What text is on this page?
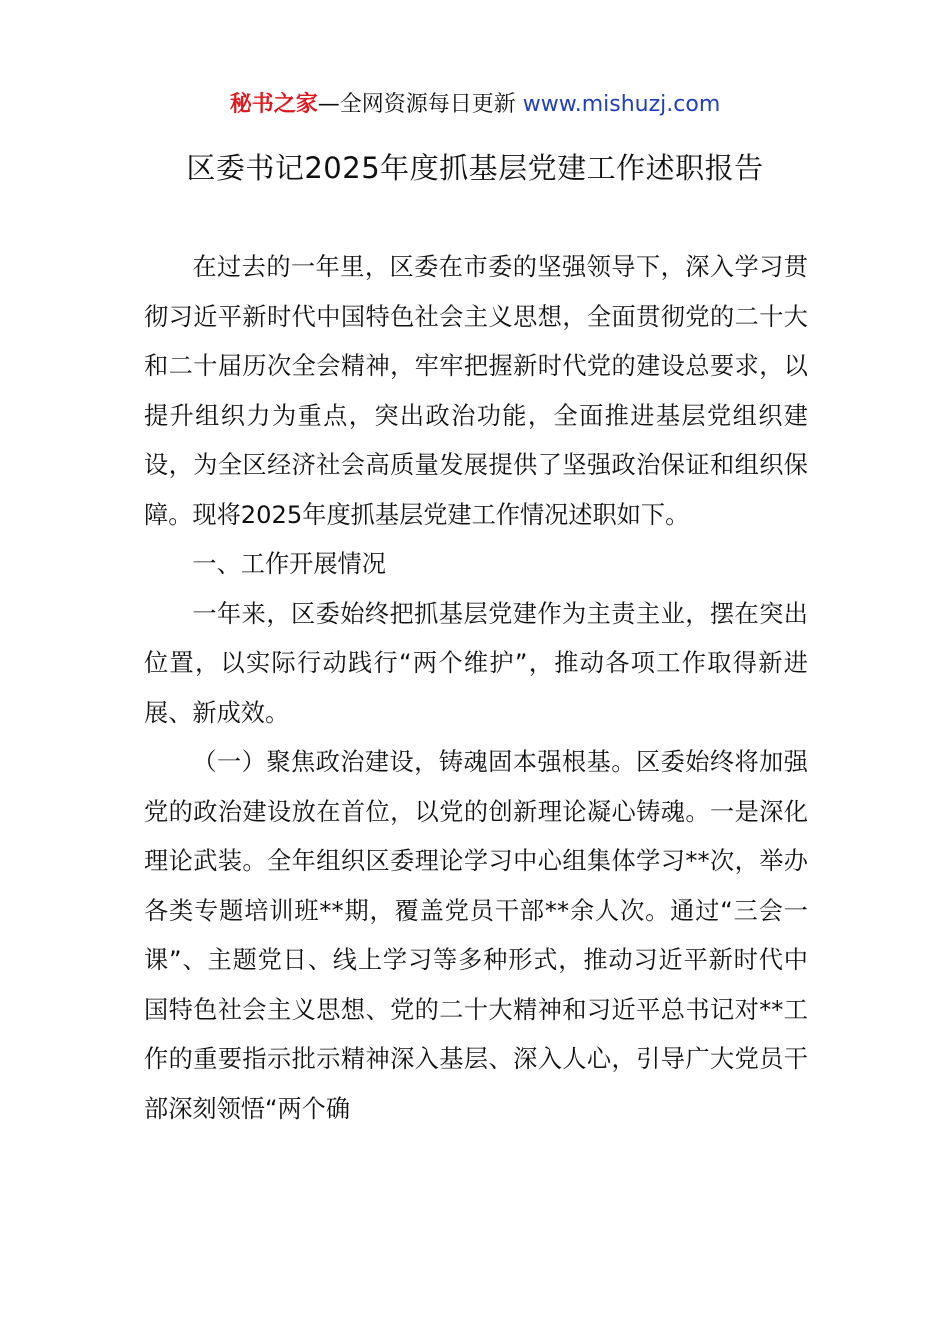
秘书之家—全网资源每日更新 www.mishuzj.com
区委书记2025年度抓基层党建工作述职报告

在过去的一年里，区委在市委的坚强领导下，深入学习贯彻习近平新时代中国特色社会主义思想，全面贯彻党的二十大和二十届历次全会精神，牢牢把握新时代党的建设总要求，以提升组织力为重点，突出政治功能，全面推进基层党组织建设，为全区经济社会高质量发展提供了坚强政治保证和组织保障。现将2025年度抓基层党建工作情况述职如下。

一、工作开展情况

一年来，区委始终把抓基层党建作为主责主业，摆在突出位置，以实际行动践行“两个维护”，推动各项工作取得新进展、新成效。

（一）聚焦政治建设，铸魂固本强根基。区委始终将加强党的政治建设放在首位，以党的创新理论凝心铸魂。一是深化理论武装。全年组织区委理论学习中心组集体学习**次，举办各类专题培训班**期，覆盖党员干部**余人次。通过“三会一课”、主题党日、线上学习等多种形式，推动习近平新时代中国特色社会主义思想、党的二十大精神和习近平总书记对**工作的重要指示批示精神深入基层、深入人心，引导广大党员干部深刻领悟“两个确
